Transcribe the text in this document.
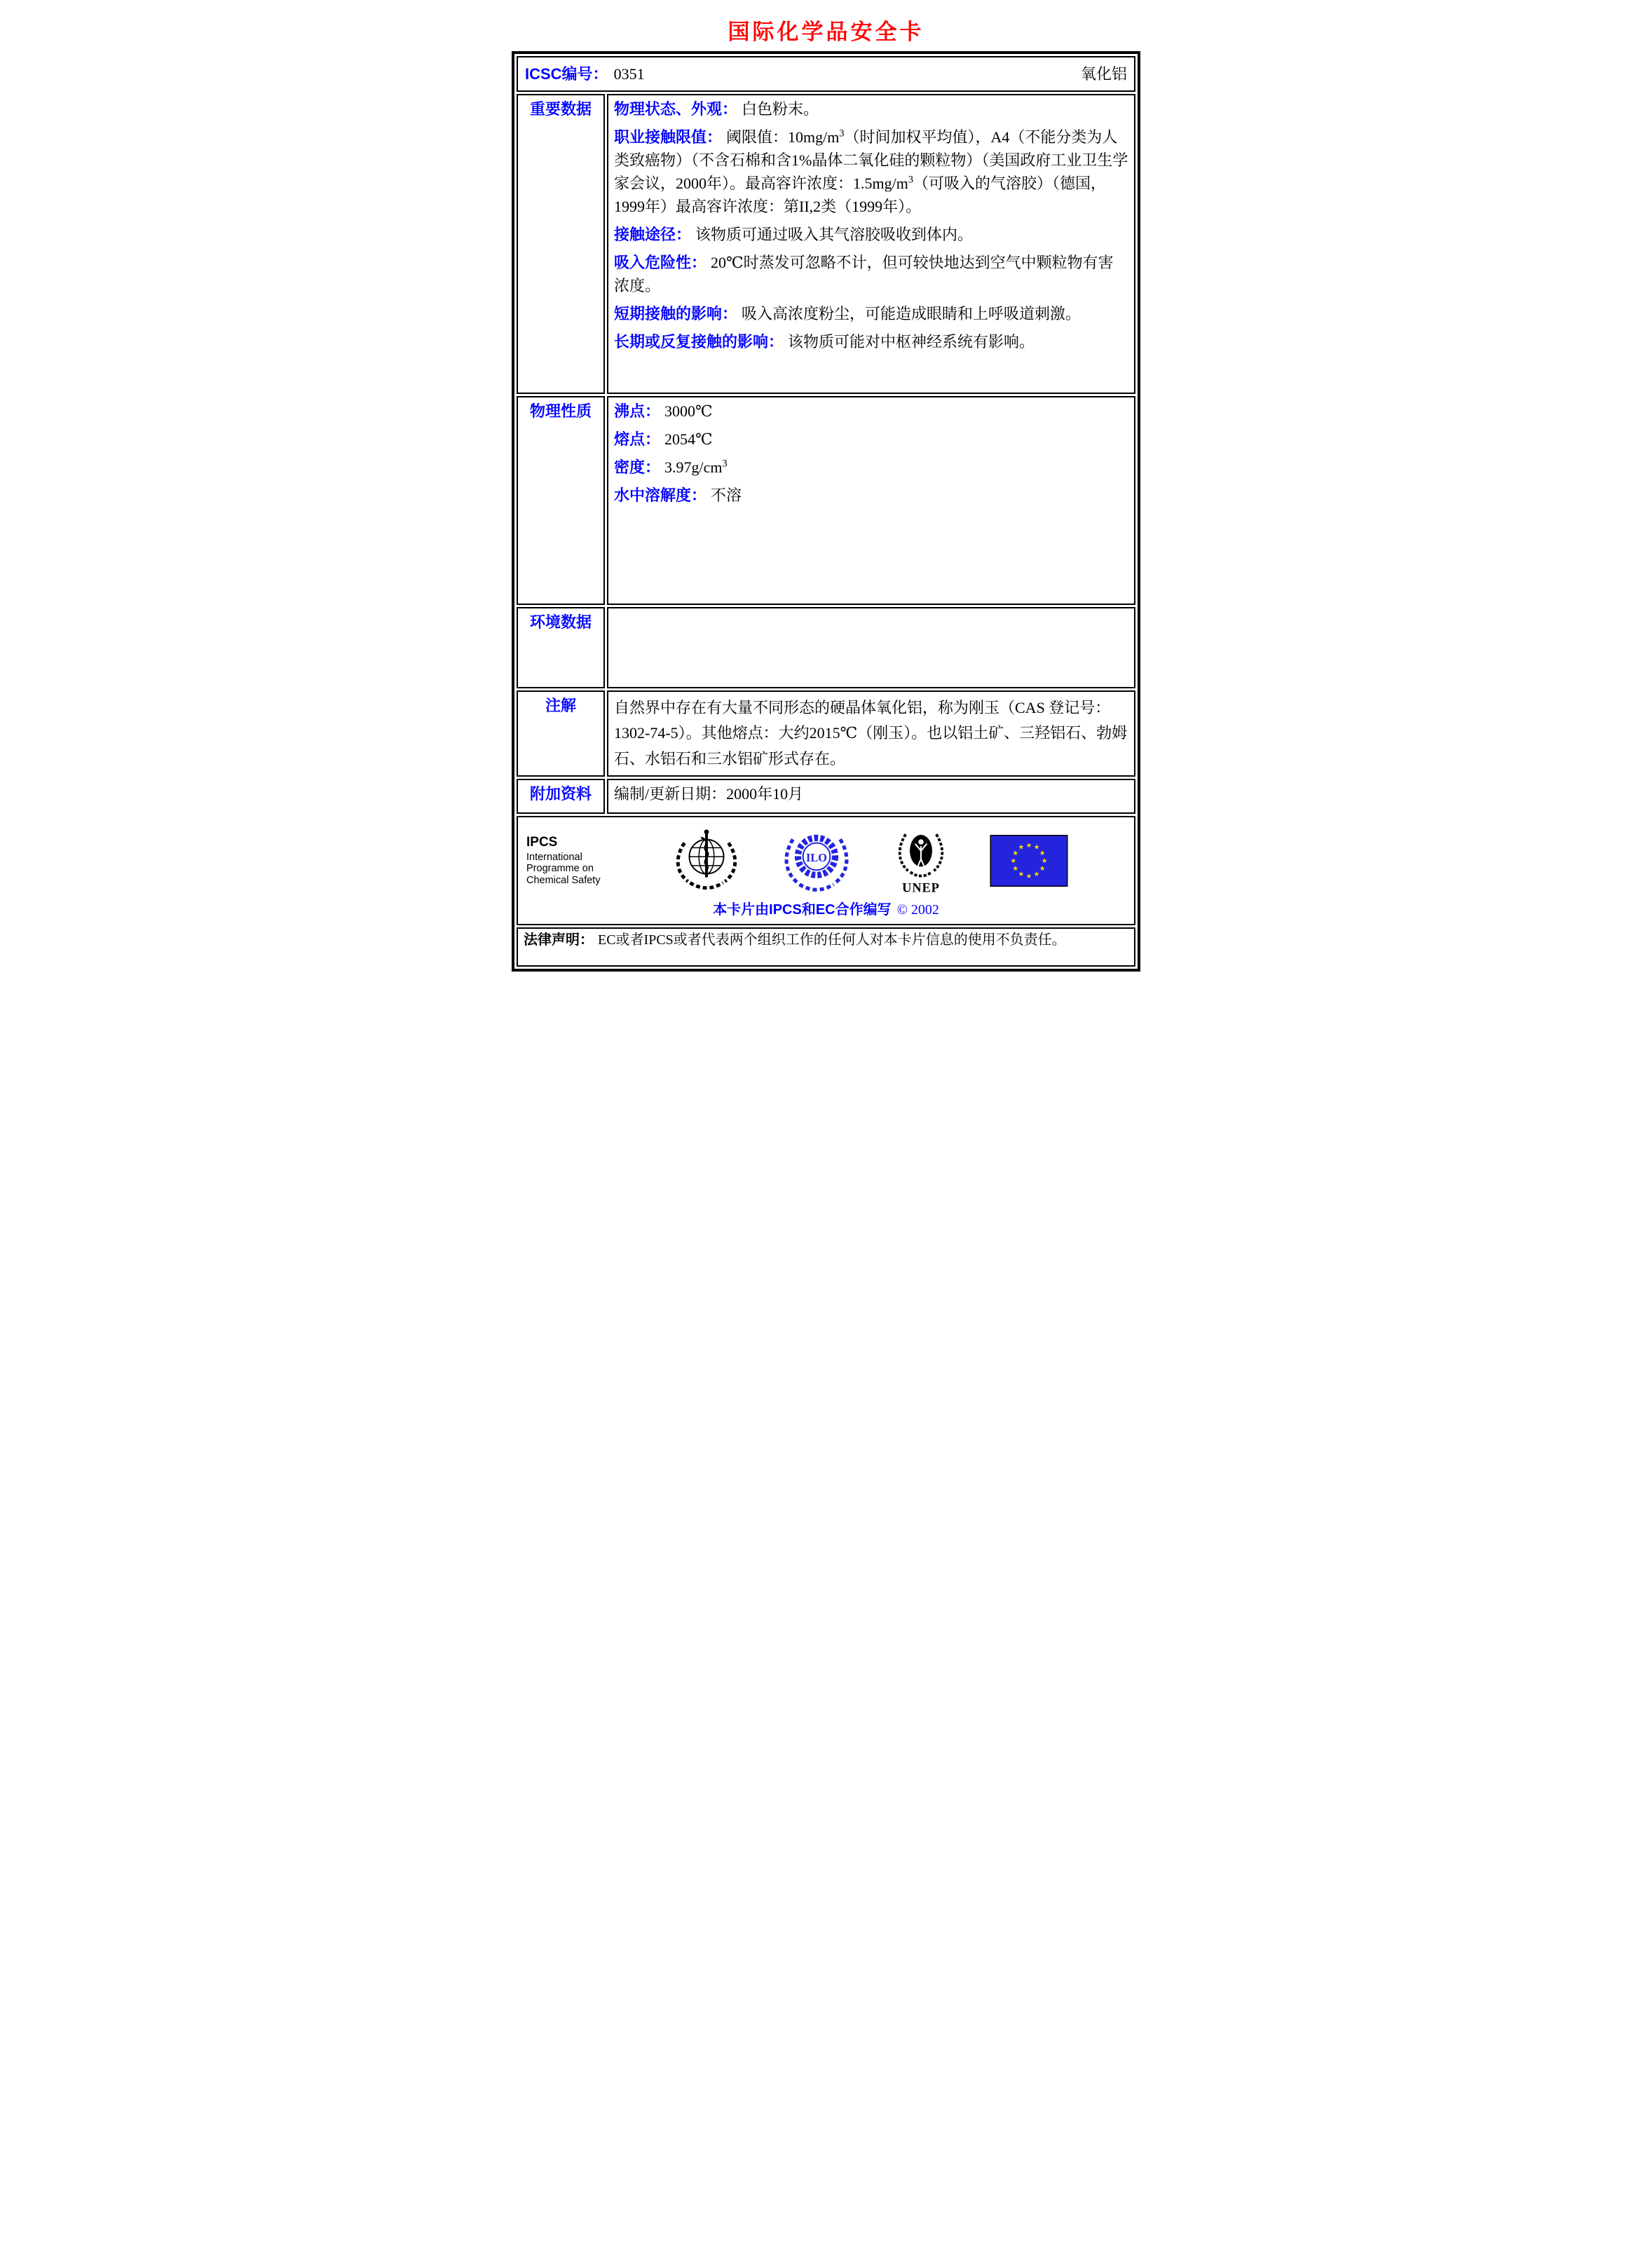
国际化学品安全卡
ICSC编号： 0351 氧化铝	

重要数据	物理状态、外观： 白色粉末。

职业接触限值： 阈限值：$10mg/m^3$（时间加权平均值），A4（不能分类为人类致癌物）（不含石棉和含1%晶体二氧化硅的颗粒物）（美国政府工业卫生学家会议，2000年）。最高容许浓度：$1.5mg/m^3$（可吸入的气溶胶）（德国，1999年）最高容许浓度：第II,2类（1999年）。

接触途径： 该物质可通过吸入其气溶胶吸收到体内。

吸入危险性： 20℃时蒸发可忽略不计，但可较快地达到空气中颗粒物有害浓度。

短期接触的影响： 吸入高浓度粉尘，可能造成眼睛和上呼吸道刺激。

长期或反复接触的影响： 该物质可能对中枢神经系统有影响。

物理性质	沸点： 3000℃

熔点： 2054℃

密度： $3.97g/cm^3$

水中溶解度： 不溶

环境数据	

注解	自然界中存在有大量不同形态的硬晶体氧化铝，称为刚玉（CAS 登记号：1302-74-5）。其他熔点：大约2015℃（刚玉）。也以铝土矿、三羟铝石、勃姆石、水铝石和三水铝矿形式存在。

附加资料	编制/更新日期：2000年10月

IPCS
International
Programme on
Chemical Safety
ILO
UNEP
★ ★
★
★
★
★
★
★
★
★
★
★
本卡片由IPCS和EC合作编写 © 2002

法律声明： EC或者IPCS或者代表两个组织工作的任何人对本卡片信息的使用不负责任。	
